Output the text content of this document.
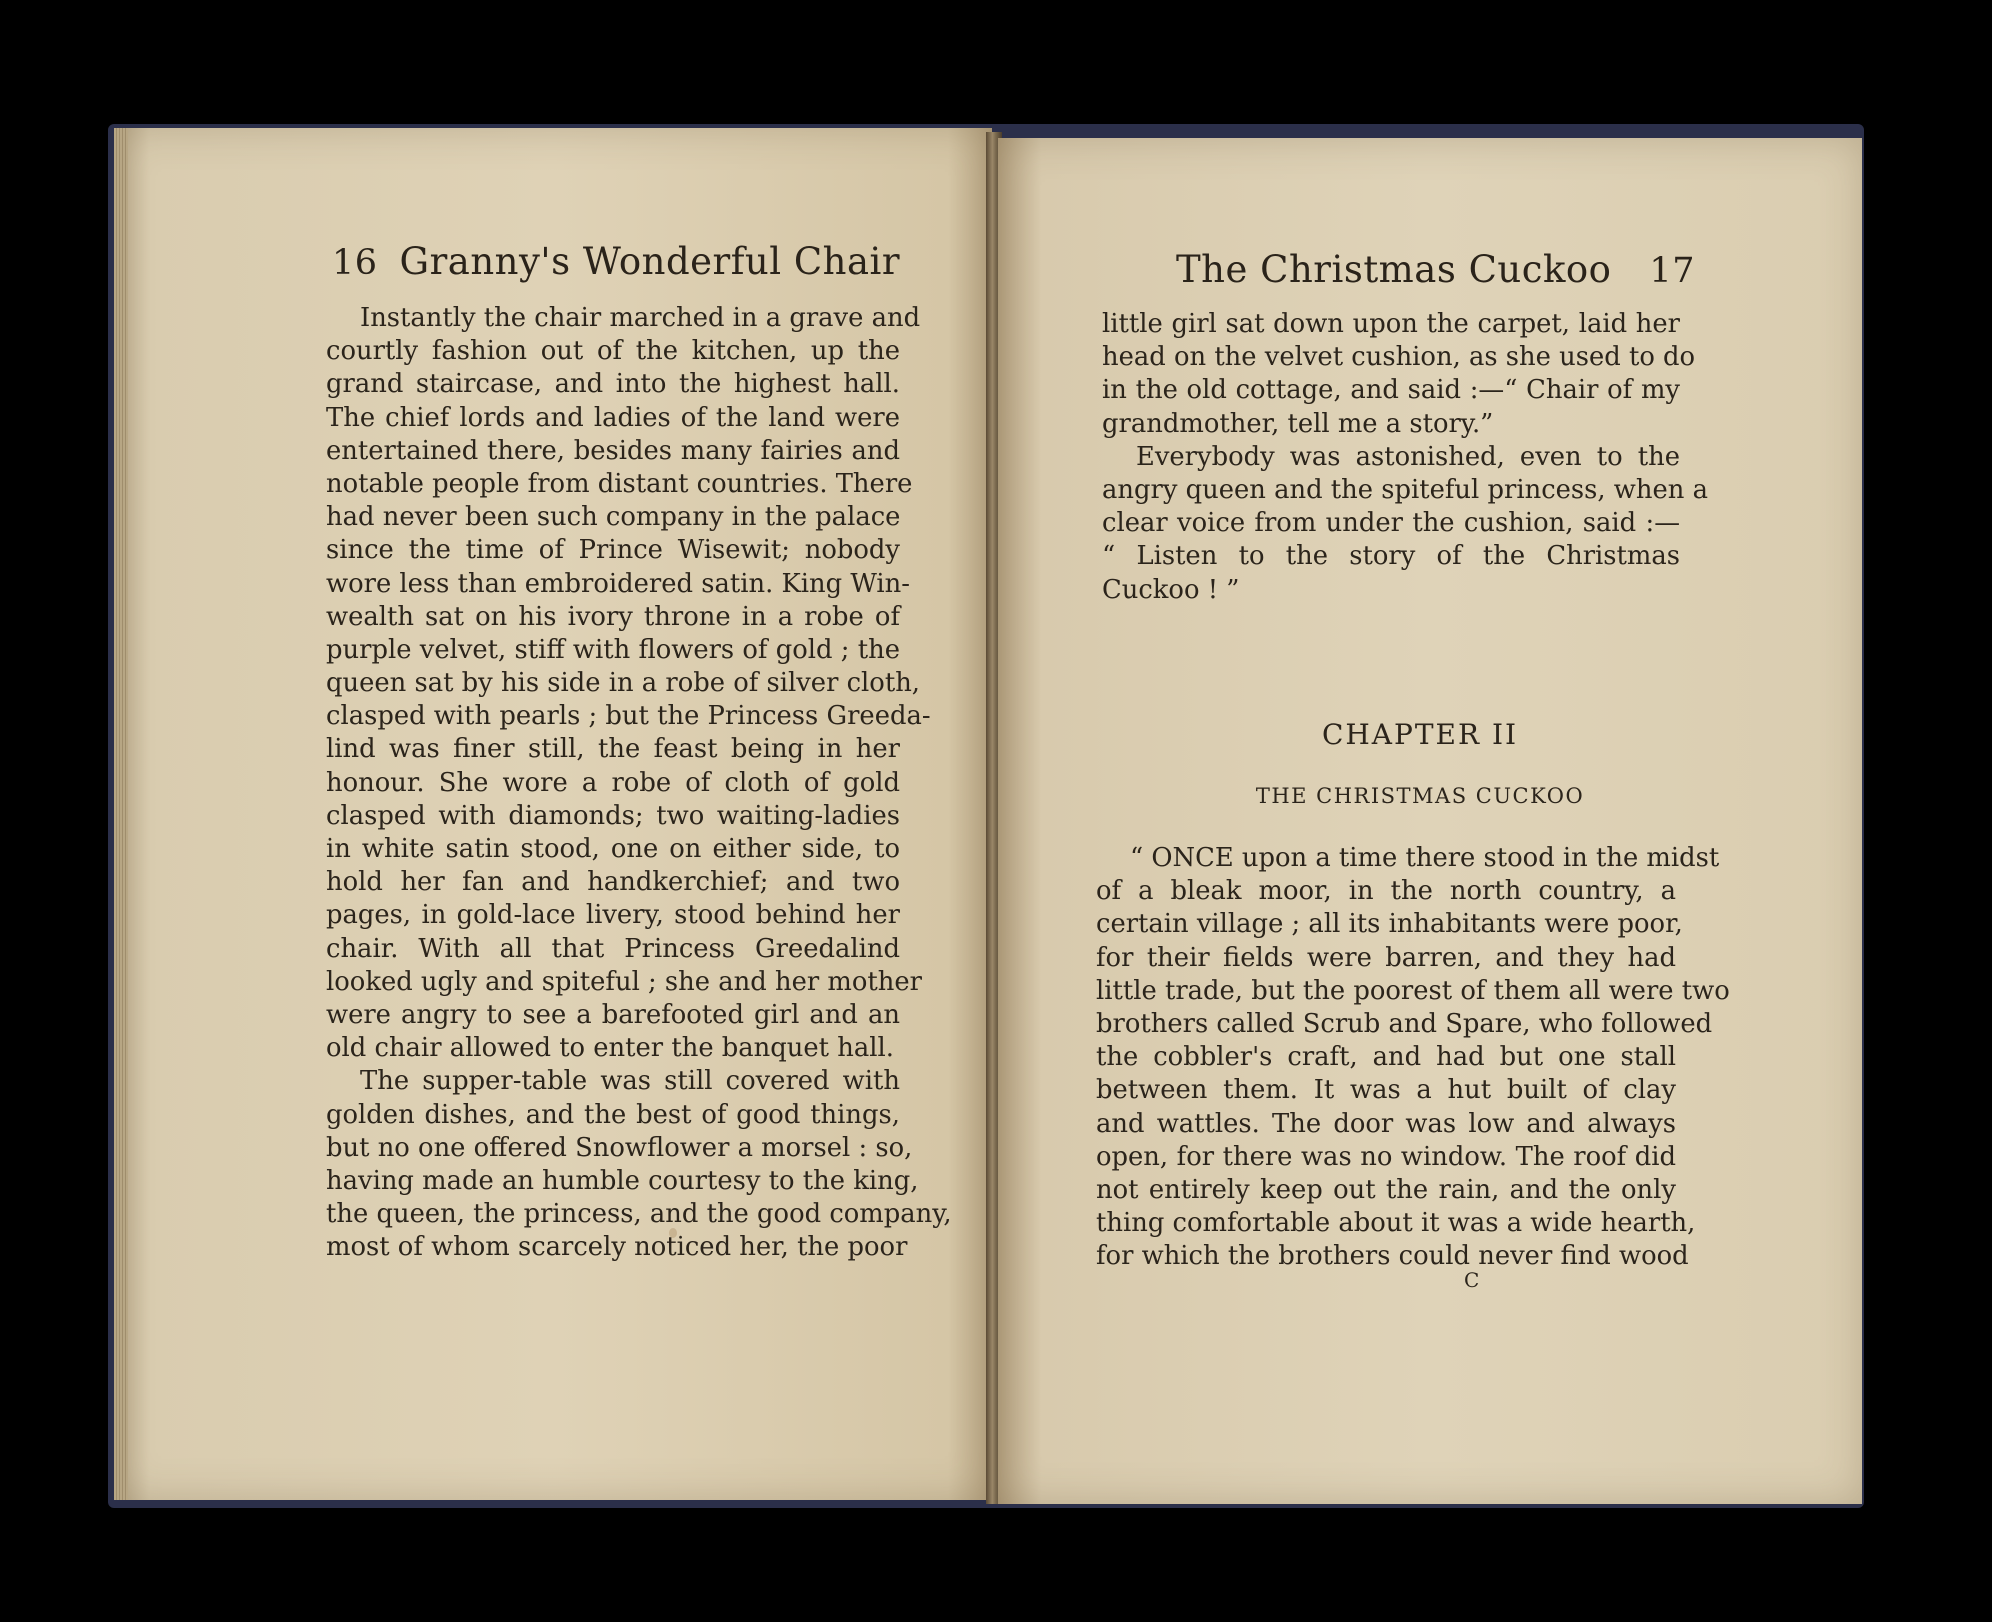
16 Granny's Wonderful Chair
Instantly the chair marched in a grave and
courtly fashion out of the kitchen, up the
grand staircase, and into the highest hall.
The chief lords and ladies of the land were
entertained there, besides many fairies and
notable people from distant countries. There
had never been such company in the palace
since the time of Prince Wisewit; nobody
wore less than embroidered satin. King Win-
wealth sat on his ivory throne in a robe of
purple velvet, stiff with flowers of gold ; the
queen sat by his side in a robe of silver cloth,
clasped with pearls ; but the Princess Greeda-
lind was finer still, the feast being in her
honour. She wore a robe of cloth of gold
clasped with diamonds; two waiting-ladies
in white satin stood, one on either side, to
hold her fan and handkerchief; and two
pages, in gold-lace livery, stood behind her
chair. With all that Princess Greedalind
looked ugly and spiteful ; she and her mother
were angry to see a barefooted girl and an
old chair allowed to enter the banquet hall.
The supper-table was still covered with
golden dishes, and the best of good things,
but no one offered Snowflower a morsel : so,
having made an humble courtesy to the king,
the queen, the princess, and the good company,
most of whom scarcely noticed her, the poor
The Christmas Cuckoo 17
little girl sat down upon the carpet, laid her
head on the velvet cushion, as she used to do
in the old cottage, and said :—“ Chair of my
grandmother, tell me a story.”
Everybody was astonished, even to the
angry queen and the spiteful princess, when a
clear voice from under the cushion, said :—
“ Listen to the story of the Christmas
Cuckoo ! ”
CHAPTER II
THE CHRISTMAS CUCKOO
“ ONCE upon a time there stood in the midst
of a bleak moor, in the north country, a
certain village ; all its inhabitants were poor,
for their fields were barren, and they had
little trade, but the poorest of them all were two
brothers called Scrub and Spare, who followed
the cobbler's craft, and had but one stall
between them. It was a hut built of clay
and wattles. The door was low and always
open, for there was no window. The roof did
not entirely keep out the rain, and the only
thing comfortable about it was a wide hearth,
for which the brothers could never find wood
C
